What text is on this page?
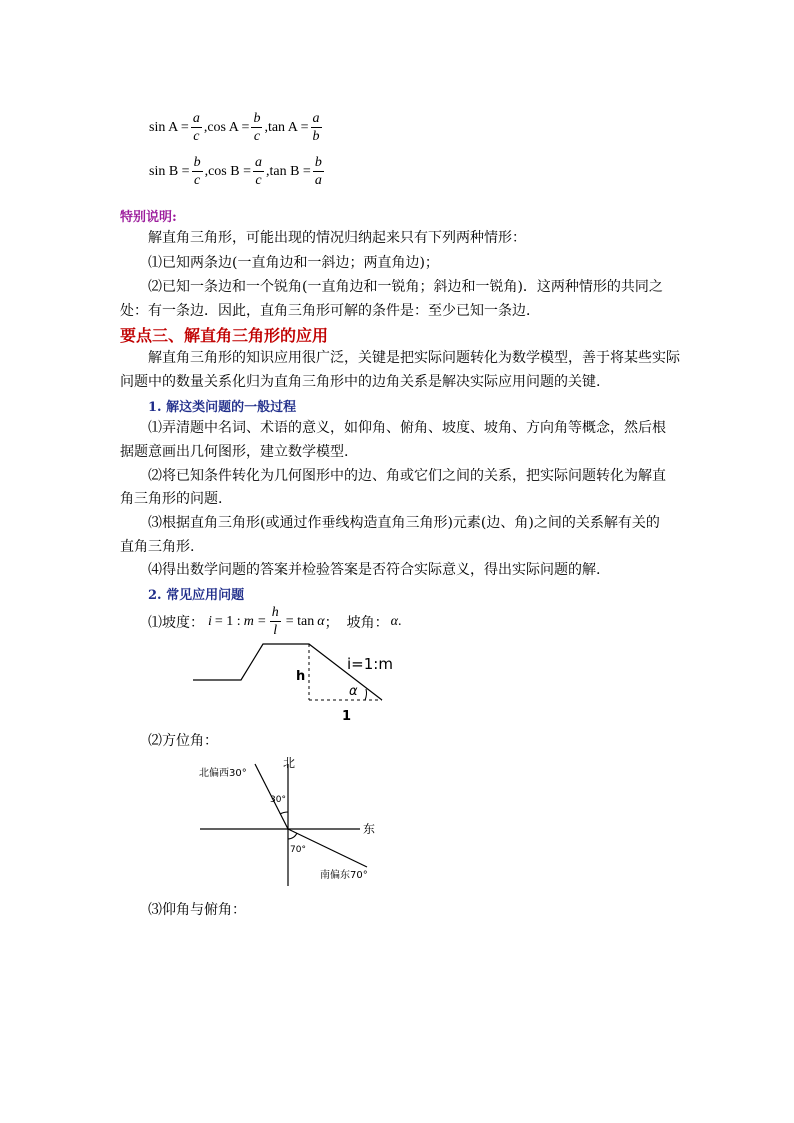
$\sin A = \frac{a}{c}$ , $\cos A = \frac{b}{c}$ , $\tan A = \frac{a}{b}$
$\sin B = \frac{b}{c}$ , $\cos B = \frac{a}{c}$ , $\tan B = \frac{b}{a}$
特别说明:
解直角三角形，可能出现的情况归纳起来只有下列两种情形：
⑴已知两条边(一直角边和一斜边；两直角边)；
⑵已知一条边和一个锐角(一直角边和一锐角；斜边和一锐角)．这两种情形的共同之
处：有一条边．因此，直角三角形可解的条件是：至少已知一条边．
要点三、解直角三角形的应用
解直角三角形的知识应用很广泛，关键是把实际问题转化为数学模型，善于将某些实际
问题中的数量关系化归为直角三角形中的边角关系是解决实际应用问题的关键.
1. 解这类问题的一般过程
⑴弄清题中名词、术语的意义，如仰角、俯角、坡度、坡角、方向角等概念，然后根
据题意画出几何图形，建立数学模型.
⑵将已知条件转化为几何图形中的边、角或它们之间的关系，把实际问题转化为解直
角三角形的问题.
⑶根据直角三角形(或通过作垂线构造直角三角形)元素(边、角)之间的关系解有关的
直角三角形.
⑷得出数学问题的答案并检验答案是否符合实际意义，得出实际问题的解.
2. 常见应用问题
⑴坡度： i = 1 : $m = \frac{h}{l} = \tan \alpha$ ； 坡角： α .
h
1
i=1:m
α
⑵方位角：
北
东
北偏西30°
南偏东70°
30°
70°
⑶仰角与俯角：
